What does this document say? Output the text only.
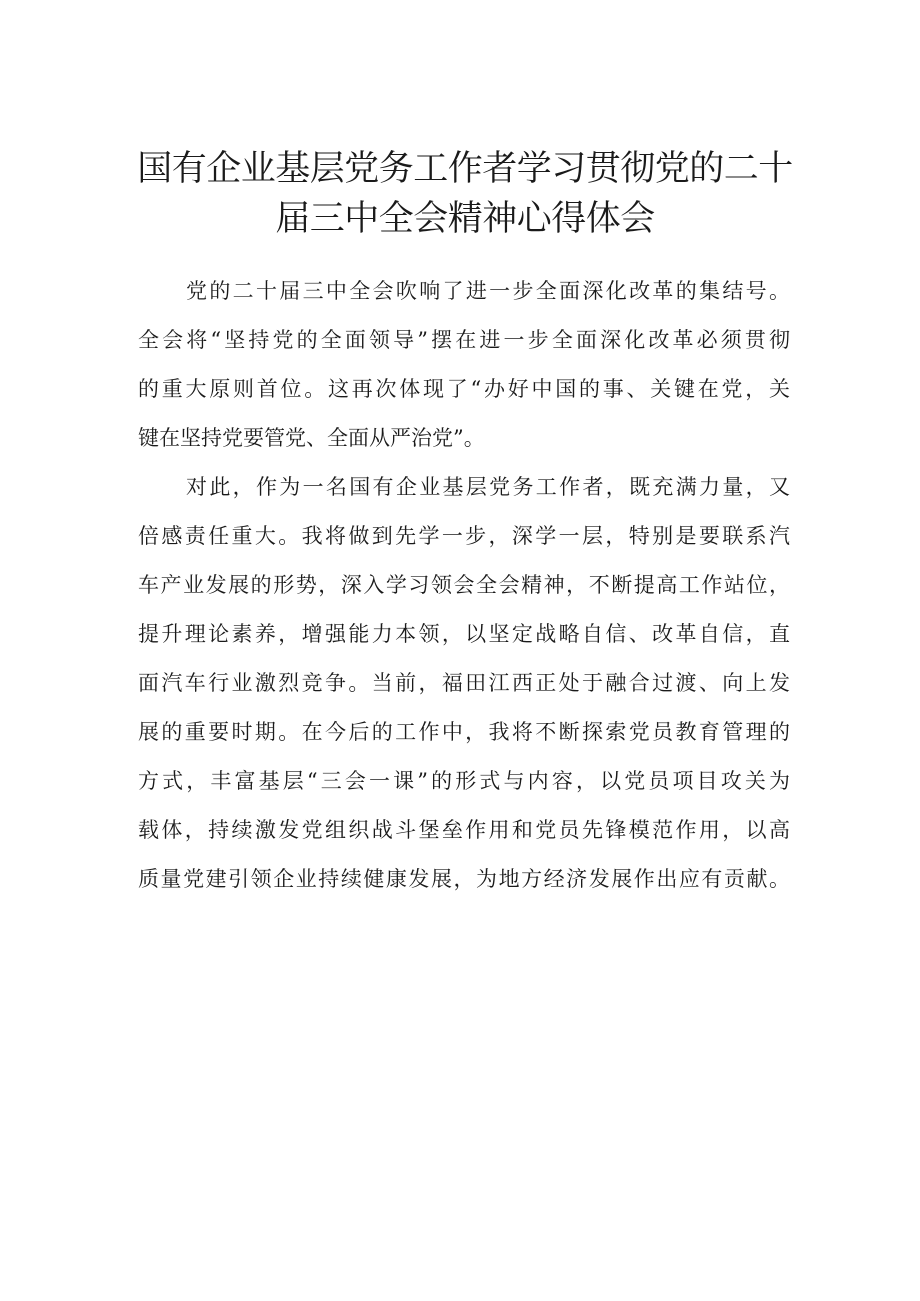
国有企业基层党务工作者学习贯彻党的二十
届三中全会精神心得体会

党的二十届三中全会吹响了进一步全面深化改革的集结号。
全会将“坚持党的全面领导”摆在进一步全面深化改革必须贯彻
的重大原则首位。这再次体现了“办好中国的事、关键在党，关
键在坚持党要管党、全面从严治党”。

对此，作为一名国有企业基层党务工作者，既充满力量，又
倍感责任重大。我将做到先学一步，深学一层，特别是要联系汽
车产业发展的形势，深入学习领会全会精神，不断提高工作站位，
提升理论素养，增强能力本领，以坚定战略自信、改革自信，直
面汽车行业激烈竞争。当前，福田江西正处于融合过渡、向上发
展的重要时期。在今后的工作中，我将不断探索党员教育管理的
方式，丰富基层“三会一课”的形式与内容，以党员项目攻关为
载体，持续激发党组织战斗堡垒作用和党员先锋模范作用，以高
质量党建引领企业持续健康发展，为地方经济发展作出应有贡献。
